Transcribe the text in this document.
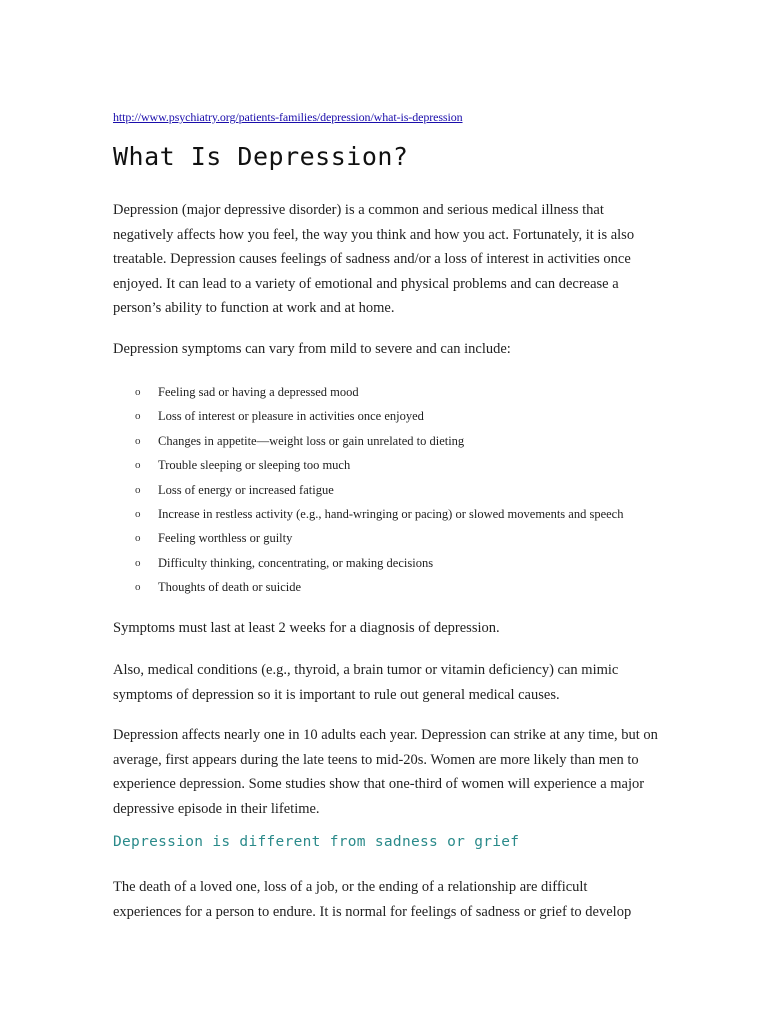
http://www.psychiatry.org/patients-families/depression/what-is-depression
What Is Depression?

Depression (major depressive disorder) is a common and serious medical illness that negatively affects how you feel, the way you think and how you act. Fortunately, it is also treatable. Depression causes feelings of sadness and/or a loss of interest in activities once enjoyed. It can lead to a variety of emotional and physical problems and can decrease a person’s ability to function at work and at home.

Depression symptoms can vary from mild to severe and can include:

o Feeling sad or having a depressed mood
o Loss of interest or pleasure in activities once enjoyed
o Changes in appetite—weight loss or gain unrelated to dieting
o Trouble sleeping or sleeping too much
o Loss of energy or increased fatigue
o Increase in restless activity (e.g., hand-wringing or pacing) or slowed movements and speech
o Feeling worthless or guilty
o Difficulty thinking, concentrating, or making decisions
o Thoughts of death or suicide

Symptoms must last at least 2 weeks for a diagnosis of depression.

Also, medical conditions (e.g., thyroid, a brain tumor or vitamin deficiency) can mimic symptoms of depression so it is important to rule out general medical causes.

Depression affects nearly one in 10 adults each year. Depression can strike at any time, but on average, first appears during the late teens to mid-20s. Women are more likely than men to experience depression. Some studies show that one-third of women will experience a major depressive episode in their lifetime.

Depression is different from sadness or grief

The death of a loved one, loss of a job, or the ending of a relationship are difficult experiences for a person to endure. It is normal for feelings of sadness or grief to develop
